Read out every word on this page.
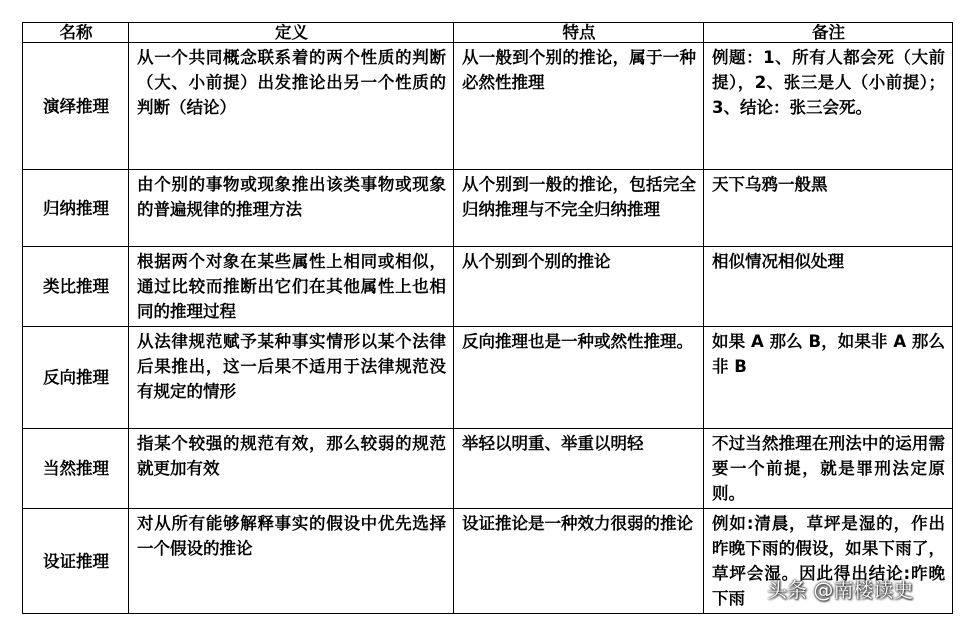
名称	定义	特点	备注
演绎推理	从一个共同概念联系着的两个性质的判断（大、小前提）出发推论出另一个性质的判断（结论）	从一般到个别的推论，属于一种必然性推理	例题：1、所有人都会死（大前提），2、张三是人（小前提）；3、结论：张三会死。
归纳推理	由个别的事物或现象推出该类事物或现象的普遍规律的推理方法	从个别到一般的推论，包括完全归纳推理与不完全归纳推理	天下乌鸦一般黑
类比推理	根据两个对象在某些属性上相同或相似，通过比较而推断出它们在其他属性上也相同的推理过程	从个别到个别的推论	相似情况相似处理
反向推理	从法律规范赋予某种事实情形以某个法律后果推出，这一后果不适用于法律规范没有规定的情形	反向推理也是一种或然性推理。	如果 A 那么 B，如果非 A 那么非 B
当然推理	指某个较强的规范有效，那么较弱的规范就更加有效	举轻以明重、举重以明轻	不过当然推理在刑法中的运用需要一个前提，就是罪刑法定原则。
设证推理	对从所有能够解释事实的假设中优先选择一个假设的推论	设证推论是一种效力很弱的推论	例如:清晨，草坪是湿的，作出昨晚下雨的假设，如果下雨了，草坪会湿。因此得出结论:昨晚下雨 头条 @南楼读史
